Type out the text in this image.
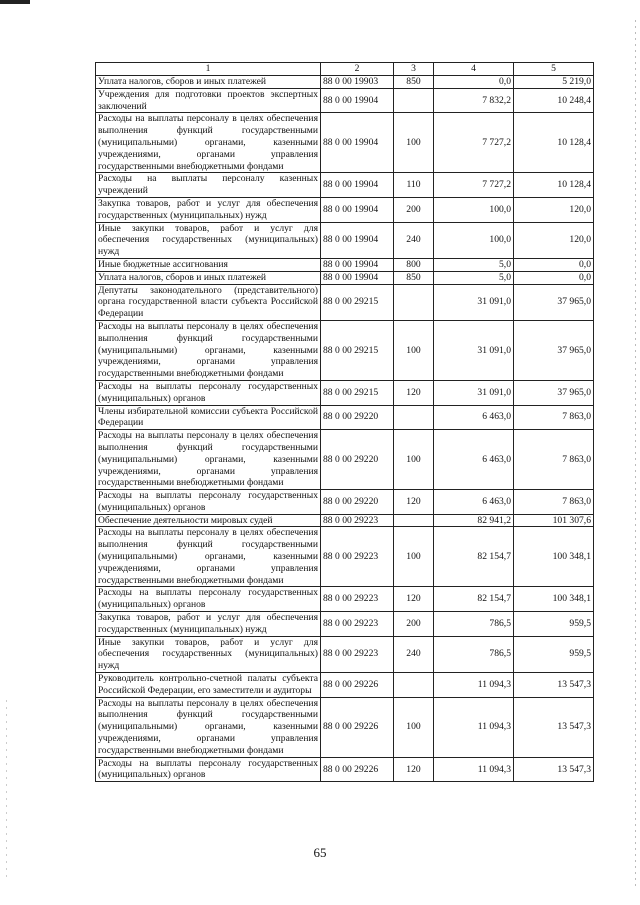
1	2	3	4	5
Уплата налогов, сборов и иных платежей	88 0 00 19903	850	0,0	5 219,0
Учреждения для подготовки проектов экспертных заключений	88 0 00 19904		7 832,2	10 248,4
Расходы на выплаты персоналу в целях обеспечения выполнения функций государственными (муниципальными) органами, казенными учреждениями, органами управления государственными внебюджетными фондами	88 0 00 19904	100	7 727,2	10 128,4
Расходы на выплаты персоналу казенных учреждений	88 0 00 19904	110	7 727,2	10 128,4
Закупка товаров, работ и услуг для обеспечения государственных (муниципальных) нужд	88 0 00 19904	200	100,0	120,0
Иные закупки товаров, работ и услуг для обеспечения государственных (муниципальных) нужд	88 0 00 19904	240	100,0	120,0
Иные бюджетные ассигнования	88 0 00 19904	800	5,0	0,0
Уплата налогов, сборов и иных платежей	88 0 00 19904	850	5,0	0,0
Депутаты законодательного (представительного) органа государственной власти субъекта Российской Федерации	88 0 00 29215		31 091,0	37 965,0
Расходы на выплаты персоналу в целях обеспечения выполнения функций государственными (муниципальными) органами, казенными учреждениями, органами управления государственными внебюджетными фондами	88 0 00 29215	100	31 091,0	37 965,0
Расходы на выплаты персоналу государственных (муниципальных) органов	88 0 00 29215	120	31 091,0	37 965,0
Члены избирательной комиссии субъекта Российской Федерации	88 0 00 29220		6 463,0	7 863,0
Расходы на выплаты персоналу в целях обеспечения выполнения функций государственными (муниципальными) органами, казенными учреждениями, органами управления государственными внебюджетными фондами	88 0 00 29220	100	6 463,0	7 863,0
Расходы на выплаты персоналу государственных (муниципальных) органов	88 0 00 29220	120	6 463,0	7 863,0
Обеспечение деятельности мировых судей	88 0 00 29223		82 941,2	101 307,6
Расходы на выплаты персоналу в целях обеспечения выполнения функций государственными (муниципальными) органами, казенными учреждениями, органами управления государственными внебюджетными фондами	88 0 00 29223	100	82 154,7	100 348,1
Расходы на выплаты персоналу государственных (муниципальных) органов	88 0 00 29223	120	82 154,7	100 348,1
Закупка товаров, работ и услуг для обеспечения государственных (муниципальных) нужд	88 0 00 29223	200	786,5	959,5
Иные закупки товаров, работ и услуг для обеспечения государственных (муниципальных) нужд	88 0 00 29223	240	786,5	959,5
Руководитель контрольно-счетной палаты субъекта Российской Федерации, его заместители и аудиторы	88 0 00 29226		11 094,3	13 547,3
Расходы на выплаты персоналу в целях обеспечения выполнения функций государственными (муниципальными) органами, казенными учреждениями, органами управления государственными внебюджетными фондами	88 0 00 29226	100	11 094,3	13 547,3
Расходы на выплаты персоналу государственных (муниципальных) органов	88 0 00 29226	120	11 094,3	13 547,3
65
